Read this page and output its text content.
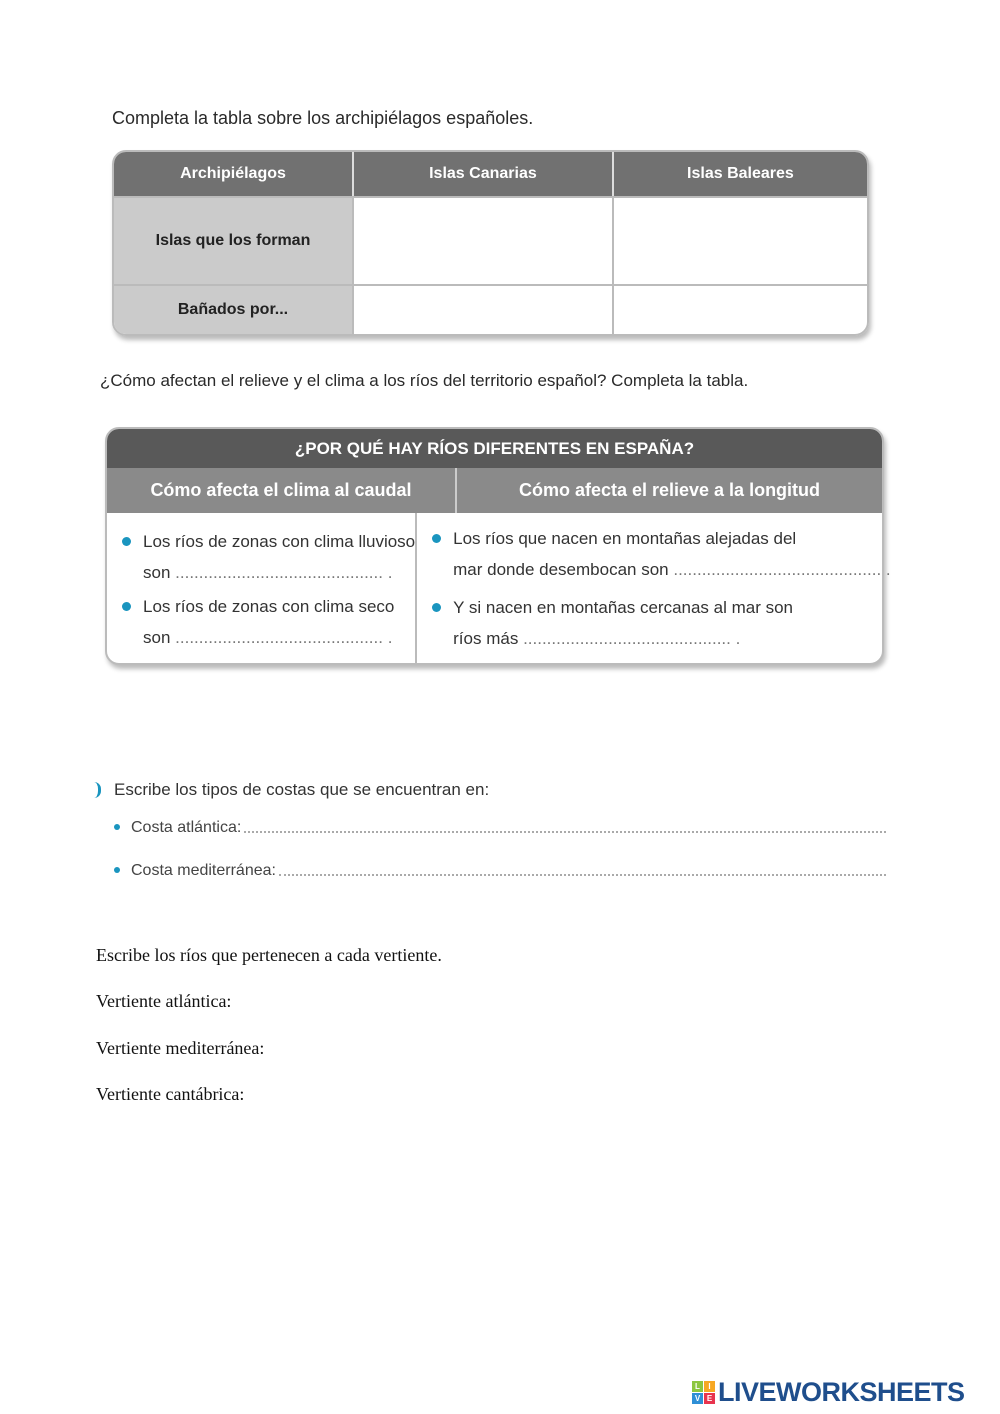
Completa la tabla sobre los archipiélagos españoles.
Archipiélagos	Islas Canarias	Islas Baleares
Islas que los forman		
Bañados por...		
¿Cómo afectan el relieve y el clima a los ríos del territorio español? Completa la tabla.
¿POR QUÉ HAY RÍOS DIFERENTES EN ESPAÑA?
Cómo afecta el clima al caudal	Cómo afecta el relieve a la longitud
Los ríos de zonas con clima lluvioso
son ............................................ .
Los ríos de zonas con clima seco
son ............................................ .
Los ríos que nacen en montañas alejadas del
mar donde desembocan son ............................................ .
Y si nacen en montañas cercanas al mar son
ríos más ............................................ .
Escribe los tipos de costas que se encuentran en:
Costa atlántica:
Costa mediterránea:
Escribe los ríos que pertenecen a cada vertiente.
Vertiente atlántica:
Vertiente mediterránea:
Vertiente cantábrica:
L	I
V E LIVEWORKSHEETS
